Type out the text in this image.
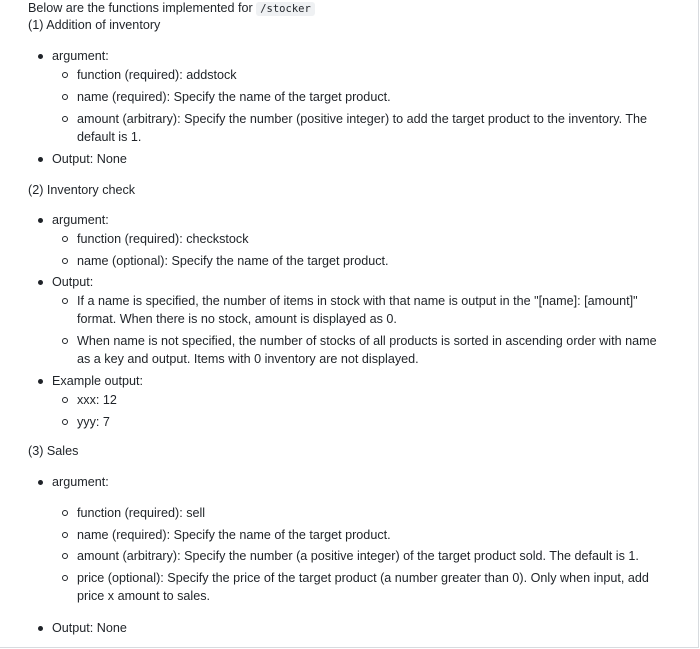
Below are the functions implemented for /stocker
(1) Addition of inventory
argument:
function (required): addstock
name (required): Specify the name of the target product.
amount (arbitrary): Specify the number (positive integer) to add the target product to the inventory. The
default is 1.
Output: None
(2) Inventory check
argument:
function (required): checkstock
name (optional): Specify the name of the target product.
Output:
If a name is specified, the number of items in stock with that name is output in the "[name]: [amount]"
format. When there is no stock, amount is displayed as 0.
When name is not specified, the number of stocks of all products is sorted in ascending order with name
as a key and output. Items with 0 inventory are not displayed.
Example output:
xxx: 12
yyy: 7
(3) Sales
argument:
function (required): sell
name (required): Specify the name of the target product.
amount (arbitrary): Specify the number (a positive integer) of the target product sold. The default is 1.
price (optional): Specify the price of the target product (a number greater than 0). Only when input, add
price x amount to sales.
Output: None
